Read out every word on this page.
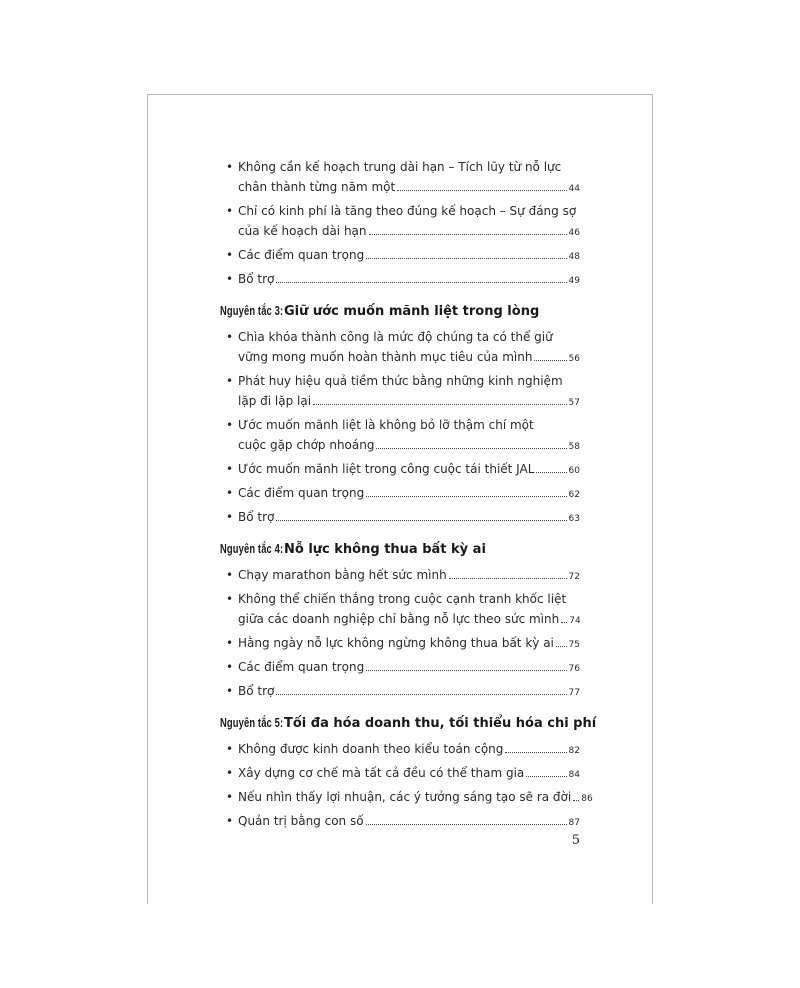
• Không cần kế hoạch trung dài hạn – Tích lũy từ nỗ lực
chân thành từng năm một	44
• Chỉ có kinh phí là tăng theo đúng kế hoạch – Sự đáng sợ
của kế hoạch dài hạn	46
• Các điểm quan trọng	48
• Bổ trợ	49
Nguyên tắc 3:Giữ ước muốn mãnh liệt trong lòng
• Chìa khóa thành công là mức độ chúng ta có thể giữ
vững mong muốn hoàn thành mục tiêu của mình	56
• Phát huy hiệu quả tiềm thức bằng những kinh nghiệm
lặp đi lặp lại	57
• Ước muốn mãnh liệt là không bỏ lỡ thậm chí một
cuộc gặp chớp nhoáng	58
• Ước muốn mãnh liệt trong công cuộc tái thiết JAL	60
• Các điểm quan trọng	62
• Bổ trợ	63
Nguyên tắc 4:Nỗ lực không thua bất kỳ ai
• Chạy marathon bằng hết sức mình	72
• Không thể chiến thắng trong cuộc cạnh tranh khốc liệt
giữa các doanh nghiệp chỉ bằng nỗ lực theo sức mình 74
• Hằng ngày nỗ lực không ngừng không thua bất kỳ ai 75
• Các điểm quan trọng	76
• Bổ trợ	77
Nguyên tắc 5:Tối đa hóa doanh thu, tối thiểu hóa chi phí
• Không được kinh doanh theo kiểu toán cộng	82
• Xây dựng cơ chế mà tất cả đều có thể tham gia	84
• Nếu nhìn thấy lợi nhuận, các ý tưởng sáng tạo sẽ ra đời 86
• Quản trị bằng con số	87
5
